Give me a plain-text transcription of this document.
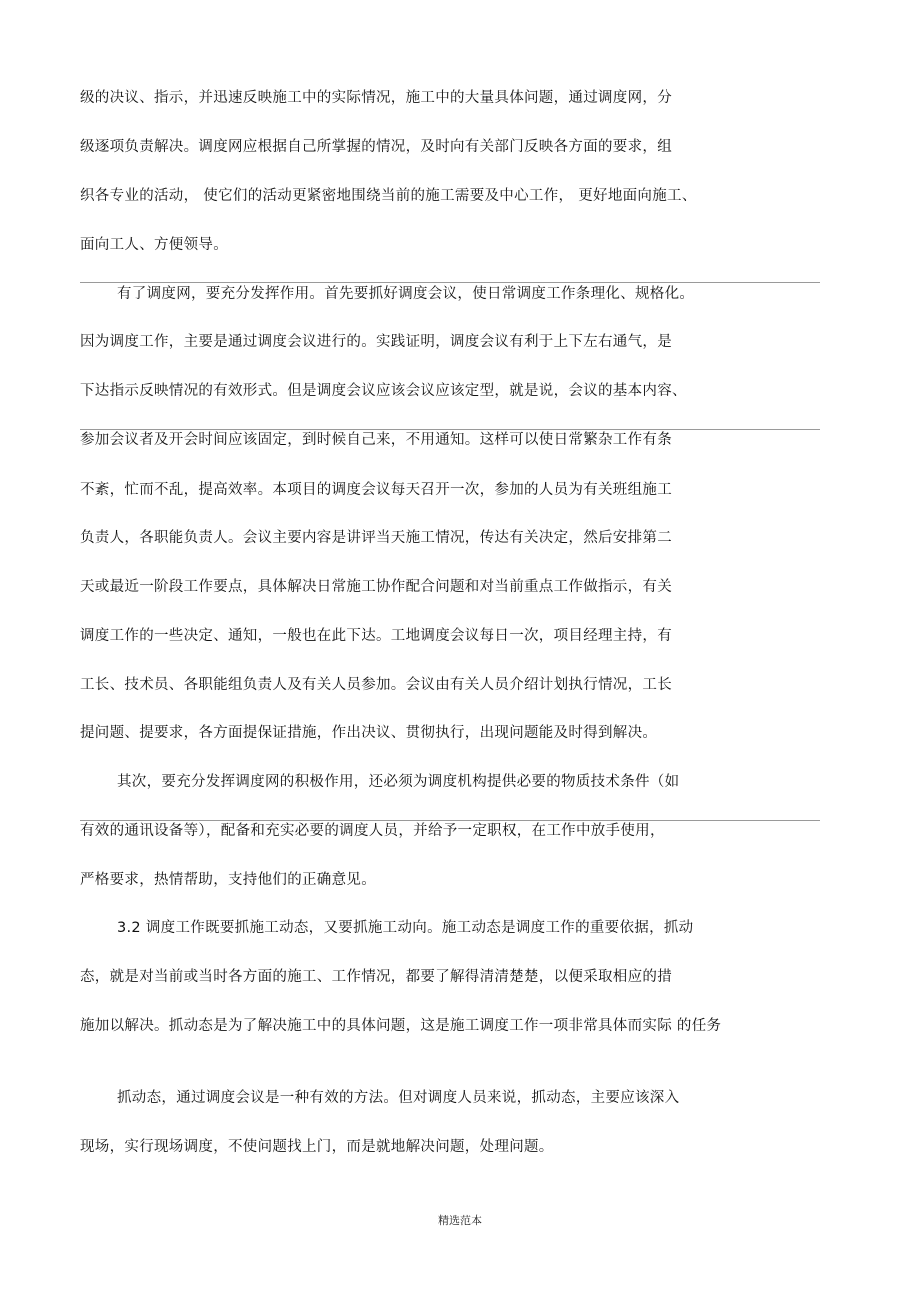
级的决议、指示，并迅速反映施工中的实际情况，施工中的大量具体问题，通过调度网，分
级逐项负责解决。调度网应根据自己所掌握的情况，及时向有关部门反映各方面的要求，组
织各专业的活动， 使它们的活动更紧密地围绕当前的施工需要及中心工作， 更好地面向施工、
面向工人、方便领导。
有了调度网，要充分发挥作用。首先要抓好调度会议，使日常调度工作条理化、规格化。
因为调度工作，主要是通过调度会议进行的。实践证明，调度会议有利于上下左右通气，是
下达指示反映情况的有效形式。但是调度会议应该会议应该定型，就是说，会议的基本内容、
参加会议者及开会时间应该固定，到时候自己来，不用通知。这样可以使日常繁杂工作有条
不紊，忙而不乱，提高效率。本项目的调度会议每天召开一次，参加的人员为有关班组施工
负责人，各职能负责人。会议主要内容是讲评当天施工情况，传达有关决定，然后安排第二
天或最近一阶段工作要点，具体解决日常施工协作配合问题和对当前重点工作做指示，有关
调度工作的一些决定、通知，一般也在此下达。工地调度会议每日一次，项目经理主持，有
工长、技术员、各职能组负责人及有关人员参加。会议由有关人员介绍计划执行情况，工长
提问题、提要求，各方面提保证措施，作出决议、贯彻执行，出现问题能及时得到解决。
其次，要充分发挥调度网的积极作用，还必须为调度机构提供必要的物质技术条件（如
有效的通讯设备等），配备和充实必要的调度人员，并给予一定职权，在工作中放手使用，
严格要求，热情帮助，支持他们的正确意见。
3.2 调度工作既要抓施工动态，又要抓施工动向。施工动态是调度工作的重要依据，抓动
态，就是对当前或当时各方面的施工、工作情况，都要了解得清清楚楚，以便采取相应的措
施加以解决。抓动态是为了解决施工中的具体问题，这是施工调度工作一项非常具体而实际 的任务
抓动态，通过调度会议是一种有效的方法。但对调度人员来说，抓动态，主要应该深入
现场，实行现场调度，不使问题找上门，而是就地解决问题，处理问题。
精选范本
